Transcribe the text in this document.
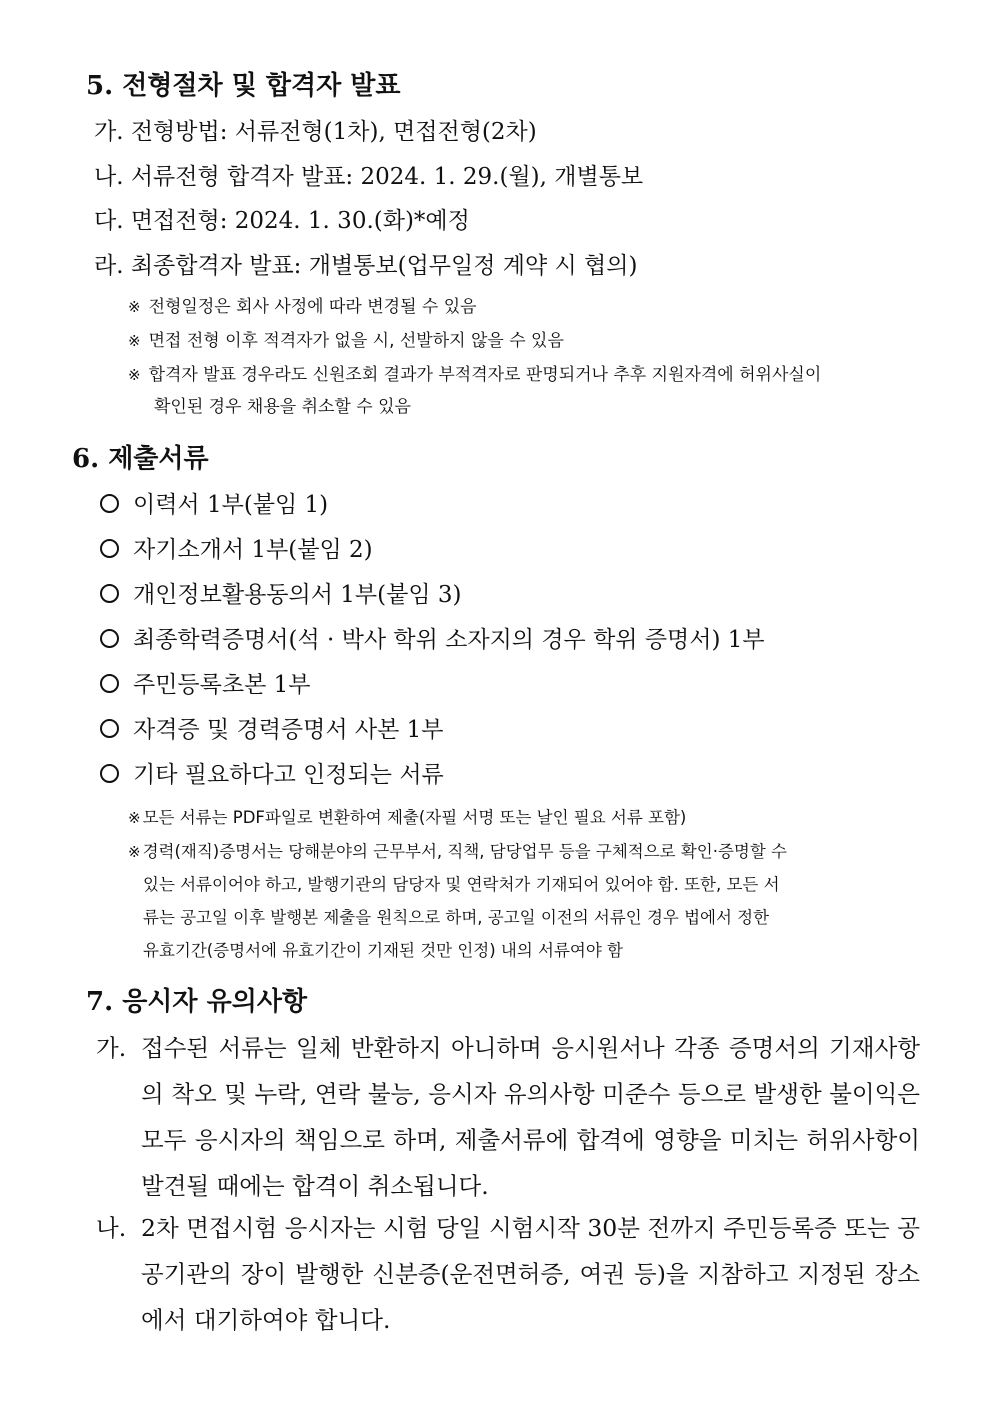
5. 전형절차 및 합격자 발표
가. 전형방법: 서류전형(1차), 면접전형(2차)
나. 서류전형 합격자 발표: 2024. 1. 29.(월), 개별통보
다. 면접전형: 2024. 1. 30.(화)*예정
라. 최종합격자 발표: 개별통보(업무일정 계약 시 협의)
※ 전형일정은 회사 사정에 따라 변경될 수 있음
※ 면접 전형 이후 적격자가 없을 시, 선발하지 않을 수 있음
※ 합격자 발표 경우라도 신원조회 결과가 부적격자로 판명되거나 추후 지원자격에 허위사실이
확인된 경우 채용을 취소할 수 있음
6. 제출서류
이력서 1부(붙임 1)
자기소개서 1부(붙임 2)
개인정보활용동의서 1부(붙임 3)
최종학력증명서(석 · 박사 학위 소자지의 경우 학위 증명서) 1부
주민등록초본 1부
자격증 및 경력증명서 사본 1부
기타 필요하다고 인정되는 서류
※ 모든 서류는 PDF파일로 변환하여 제출(자필 서명 또는 날인 필요 서류 포함)
※ 경력(재직)증명서는 당해분야의 근무부서, 직책, 담당업무 등을 구체적으로 확인·증명할 수
있는 서류이어야 하고, 발행기관의 담당자 및 연락처가 기재되어 있어야 함. 또한, 모든 서
류는 공고일 이후 발행본 제출을 원칙으로 하며, 공고일 이전의 서류인 경우 법에서 정한
유효기간(증명서에 유효기간이 기재된 것만 인정) 내의 서류여야 함
7. 응시자 유의사항
가. 접수된 서류는 일체 반환하지 아니하며 응시원서나 각종 증명서의 기재사항의 착오 및 누락, 연락 불능, 응시자 유의사항 미준수 등으로 발생한 불이익은 모두 응시자의 책임으로 하며, 제출서류에 합격에 영향을 미치는 허위사항이 발견될 때에는 합격이 취소됩니다.
나. 2차 면접시험 응시자는 시험 당일 시험시작 30분 전까지 주민등록증 또는 공공기관의 장이 발행한 신분증(운전면허증, 여권 등)을 지참하고 지정된 장소에서 대기하여야 합니다.
